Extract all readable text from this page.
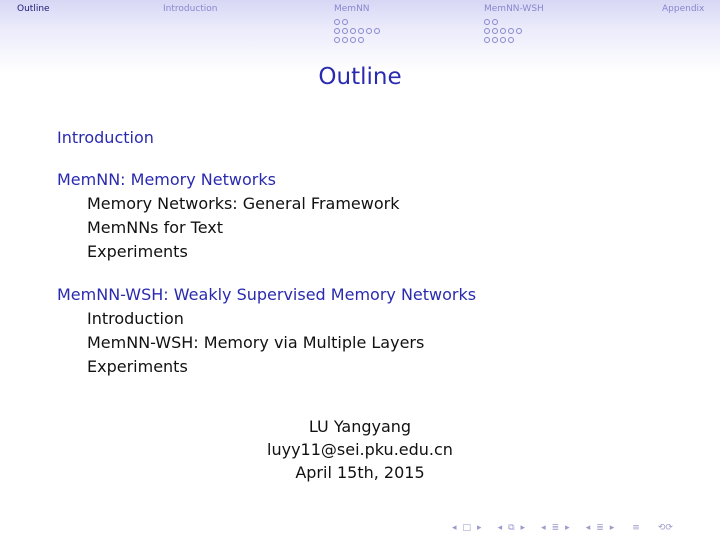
Outline	Introduction	MemNN	MemNN-WSH	Appendix
Outline
Introduction
MemNN: Memory Networks
Memory Networks: General Framework
MemNNs for Text
Experiments
MemNN-WSH: Weakly Supervised Memory Networks
Introduction
MemNN-WSH: Memory via Multiple Layers
Experiments
LU Yangyang
luyy11@sei.pku.edu.cn
April 15th, 2015
◂ □ ▸ ◂ ⧉ ▸ ◂ ≣ ▸ ◂ ≣ ▸ ≡ ⟲⟳
